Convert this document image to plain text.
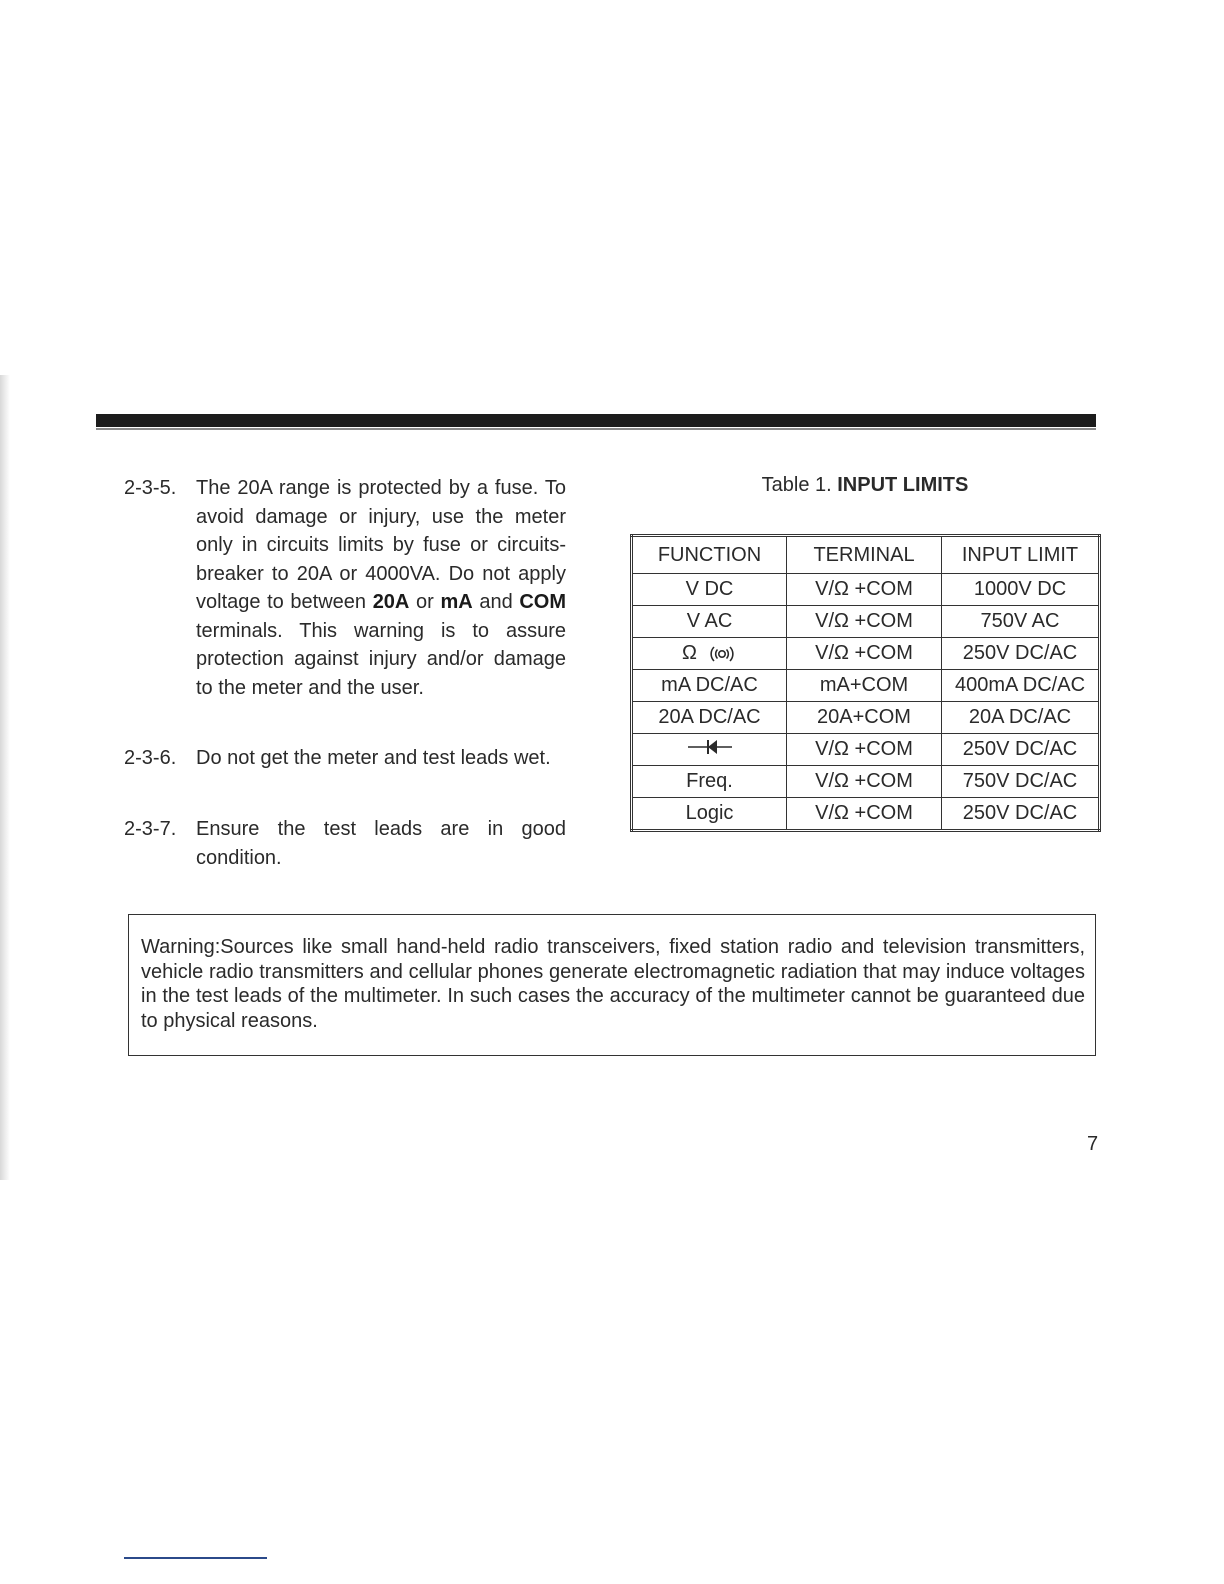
2-3-5. The 20A range is protected by a fuse. To avoid damage or injury, use the meter only in circuits limits by fuse or circuits-breaker to 20A or 4000VA. Do not apply voltage to between 20A or mA and COM terminals. This warning is to assure protection against injury and/or damage to the meter and the user.
2-3-6. Do not get the meter and test leads wet.
2-3-7. Ensure the test leads are in good condition.
Table 1. INPUT LIMITS
FUNCTION	TERMINAL	INPUT LIMIT
V DC	V/Ω +COM	1000V DC
V AC	V/Ω +COM	750V AC

Ω	V/Ω +COM	250V DC/AC
mA DC/AC	mA+COM	400mA DC/AC
20A DC/AC	20A+COM	20A DC/AC
	V/Ω +COM	250V DC/AC
Freq.	V/Ω +COM	750V DC/AC
Logic	V/Ω +COM	250V DC/AC
Warning:Sources like small hand-held radio transceivers, fixed station radio and television transmitters, vehicle radio transmitters and cellular phones generate electromagnetic radiation that may induce voltages in the test leads of the multimeter. In such cases the accuracy of the multimeter cannot be guaranteed due to physical reasons.
7
